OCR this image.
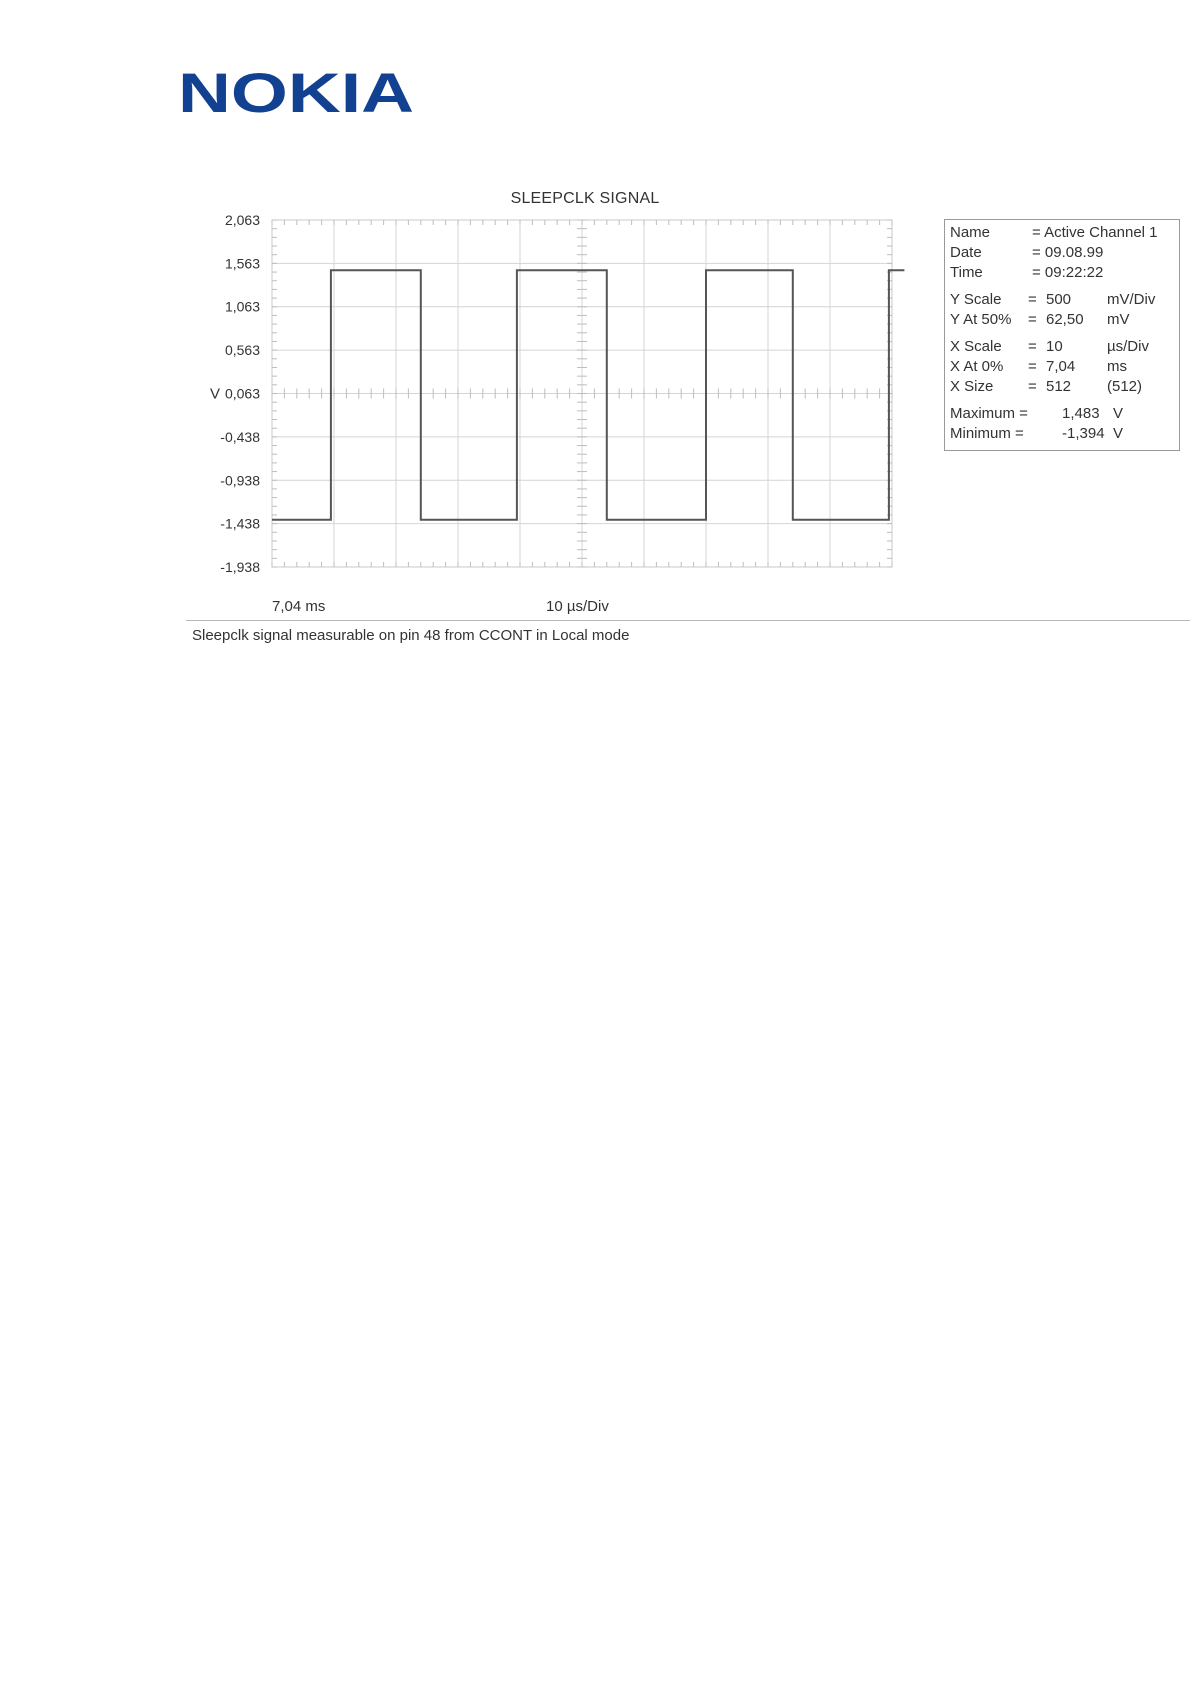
NOKIA
SLEEPCLK SIGNAL
2,063
1,563
1,063
0,563
0,063
-0,438
-0,938
-1,438
-1,938
V
Name	= Active Channel 1
Date	= 09.08.99
Time	= 09:22:22
Y Scale = 500 mV/Div
Y At 50% = 62,50 mV
X Scale = 10	µs/Div
X At 0% = 7,04 ms
X Size = 512 (512)
Maximum = 1,483 V
Minimum =	-1,394 V
7,04 ms	10 µs/Div
Sleepclk signal measurable on pin 48 from CCONT in Local mode
